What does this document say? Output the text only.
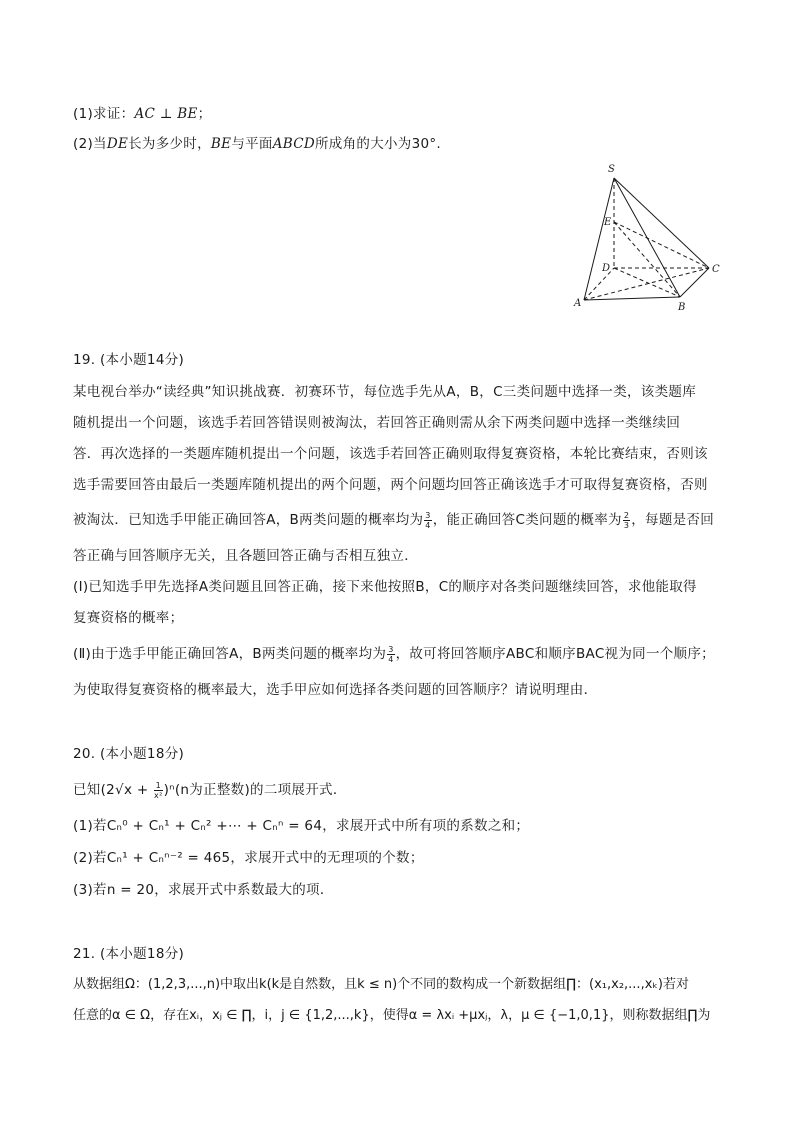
(1)求证：AC ⊥ BE；
(2)当DE长为多少时，BE与平面ABCD所成角的大小为30°.
S
E
D	C
A	B
19. (本小题14分)
某电视台举办“读经典”知识挑战赛．初赛环节，每位选手先从A，B，C三类问题中选择一类，该类题库
随机提出一个问题，该选手若回答错误则被淘汰，若回答正确则需从余下两类问题中选择一类继续回
答．再次选择的一类题库随机提出一个问题，该选手若回答正确则取得复赛资格，本轮比赛结束，否则该
选手需要回答由最后一类题库随机提出的两个问题，两个问题均回答正确该选手才可取得复赛资格，否则
被淘汰．已知选手甲能正确回答A，B两类问题的概率均为 $\frac{3}{4}$ ，能正确回答C类问题的概率为 $\frac{2}{3}$ ，每题是否回
答正确与回答顺序无关，且各题回答正确与否相互独立．
(Ⅰ)已知选手甲先选择A类问题且回答正确，接下来他按照B，C的顺序对各类问题继续回答，求他能取得
复赛资格的概率；
(Ⅱ)由于选手甲能正确回答A，B两类问题的概率均为 $\frac{3}{4}$ ，故可将回答顺序ABC和顺序BAC视为同一个顺序；
为使取得复赛资格的概率最大，选手甲应如何选择各类问题的回答顺序？请说明理由．
20. (本小题18分)
已知$(2√x + \frac{1}{\text{x²}} )^n(n$为正整数)的二项展开式．
(1)若Cₙ⁰ + Cₙ¹ + Cₙ² +⋯ + Cₙⁿ = 64，求展开式中所有项的系数之和；
(2)若Cₙ¹ + Cₙⁿ⁻² = 465，求展开式中的无理项的个数；
(3)若n = 20，求展开式中系数最大的项．
21. (本小题18分)
从数据组Ω：(1,2,3,...,n)中取出k(k是自然数，且k ≤ n)个不同的数构成一个新数据组∏：(x₁,x₂,...,xₖ)若对
任意的α ∈ Ω，存在xᵢ，xⱼ ∈ ∏，i，j ∈ {1,2,...,k}，使得α = λxᵢ +μxⱼ，λ，μ ∈ {−1,0,1}，则称数据组∏为
